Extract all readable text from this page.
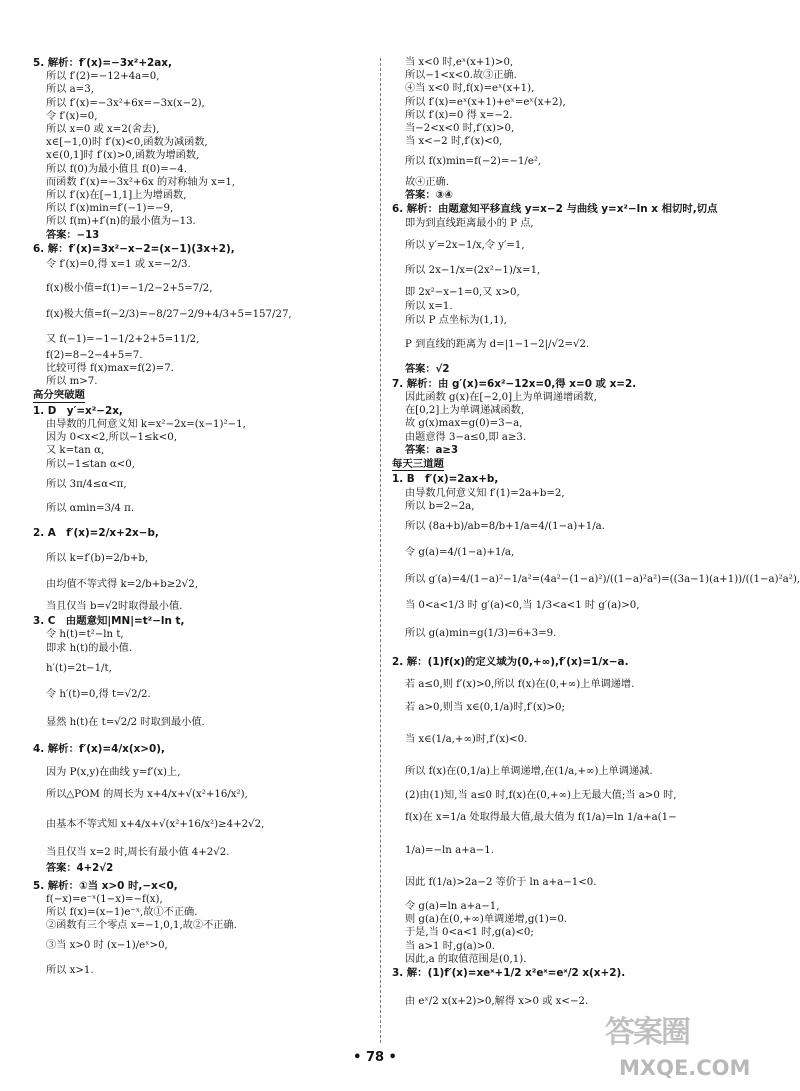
5. 解析：f′(x)=−3x²+2ax,
所以 f′(2)=−12+4a=0,
所以 a=3,
所以 f′(x)=−3x²+6x=−3x(x−2),
令 f′(x)=0,
所以 x=0 或 x=2(舍去),
x∈[−1,0)时 f′(x)<0,函数为减函数,
x∈(0,1]时 f′(x)>0,函数为增函数,
所以 f(0)为最小值且 f(0)=−4.
而函数 f′(x)=−3x²+6x 的对称轴为 x=1,
所以 f′(x)在[−1,1]上为增函数,
所以 f′(x)min=f′(−1)=−9,
所以 f(m)+f′(n)的最小值为−13.
答案：−13
6. 解：f′(x)=3x²−x−2=(x−1)(3x+2),
令 f′(x)=0,得 x=1 或 x=−2/3.
f(x)极小值=f(1)=−1/2−2+5=7/2,
f(x)极大值=f(−2/3)=−8/27−2/9+4/3+5=157/27,
又 f(−1)=−1−1/2+2+5=11/2,
f(2)=8−2−4+5=7.
比较可得 f(x)max=f(2)=7.
所以 m>7.
高分突破题
1. D　y′=x²−2x,
由导数的几何意义知 k=x²−2x=(x−1)²−1,
因为 0<x<2,所以−1≤k<0,
又 k=tan α,
所以−1≤tan α<0,
所以 3π/4≤α<π,
所以 αmin=3/4 π.
2. A　f′(x)=2/x+2x−b,
所以 k=f′(b)=2/b+b,
由均值不等式得 k=2/b+b≥2√2,
当且仅当 b=√2时取得最小值.
3. C　由题意知|MN|=t²−ln t,
令 h(t)=t²−ln t,
即求 h(t)的最小值.
h′(t)=2t−1/t,
令 h′(t)=0,得 t=√2/2.
显然 h(t)在 t=√2/2 时取到最小值.
4. 解析：f′(x)=4/x(x>0),
因为 P(x,y)在曲线 y=f′(x)上,
所以△POM 的周长为 x+4/x+√(x²+16/x²),
由基本不等式知 x+4/x+√(x²+16/x²)≥4+2√2,
当且仅当 x=2 时,周长有最小值 4+2√2.
答案：4+2√2
5. 解析：①当 x>0 时,−x<0,
f(−x)=e⁻ˣ(1−x)=−f(x),
所以 f(x)=(x−1)e⁻ˣ,故①不正确.
②函数有三个零点 x=−1,0,1,故②不正确.
③当 x>0 时 (x−1)/eˣ>0,
所以 x>1.
当 x<0 时,eˣ(x+1)>0,
所以−1<x<0.故③正确.
④当 x<0 时,f(x)=eˣ(x+1),
所以 f′(x)=eˣ(x+1)+eˣ=eˣ(x+2),
所以 f′(x)=0 得 x=−2.
当−2<x<0 时,f′(x)>0,
当 x<−2 时,f′(x)<0,
所以 f(x)min=f(−2)=−1/e²,
故④正确.
答案：③④
6. 解析：由题意知平移直线 y=x−2 与曲线 y=x²−ln x 相切时,切点
即为到直线距离最小的 P 点,
所以 y′=2x−1/x,令 y′=1,
所以 2x−1/x=(2x²−1)/x=1,
即 2x²−x−1=0,又 x>0,
所以 x=1.
所以 P 点坐标为(1,1),
P 到直线的距离为 d=|1−1−2|/√2=√2.
答案：√2
7. 解析：由 g′(x)=6x²−12x=0,得 x=0 或 x=2.
因此函数 g(x)在[−2,0]上为单调递增函数,
在[0,2]上为单调递减函数,
故 g(x)max=g(0)=3−a,
由题意得 3−a≤0,即 a≥3.
答案：a≥3
每天三道题
1. B　f′(x)=2ax+b,
由导数几何意义知 f′(1)=2a+b=2,
所以 b=2−2a,
所以 (8a+b)/ab=8/b+1/a=4/(1−a)+1/a.
令 g(a)=4/(1−a)+1/a,
所以 g′(a)=4/(1−a)²−1/a²=(4a²−(1−a)²)/((1−a)²a²)=((3a−1)(a+1))/((1−a)²a²),
当 0<a<1/3 时 g′(a)<0,当 1/3<a<1 时 g′(a)>0,
所以 g(a)min=g(1/3)=6+3=9.
2. 解：(1)f(x)的定义域为(0,+∞),f′(x)=1/x−a.
若 a≤0,则 f′(x)>0,所以 f(x)在(0,+∞)上单调递增.
若 a>0,则当 x∈(0,1/a)时,f′(x)>0;
当 x∈(1/a,+∞)时,f′(x)<0.
所以 f(x)在(0,1/a)上单调递增,在(1/a,+∞)上单调递减.
(2)由(1)知,当 a≤0 时,f(x)在(0,+∞)上无最大值;当 a>0 时,
f(x)在 x=1/a 处取得最大值,最大值为 f(1/a)=ln 1/a+a(1−
1/a)=−ln a+a−1.
因此 f(1/a)>2a−2 等价于 ln a+a−1<0.
令 g(a)=ln a+a−1,
则 g(a)在(0,+∞)单调递增,g(1)=0.
于是,当 0<a<1 时,g(a)<0;
当 a>1 时,g(a)>0.
因此,a 的取值范围是(0,1).
3. 解：(1)f′(x)=xeˣ+1/2 x²eˣ=eˣ/2 x(x+2).
由 eˣ/2 x(x+2)>0,解得 x>0 或 x<−2.
• 78 •
答案圈
MXQE.COM
